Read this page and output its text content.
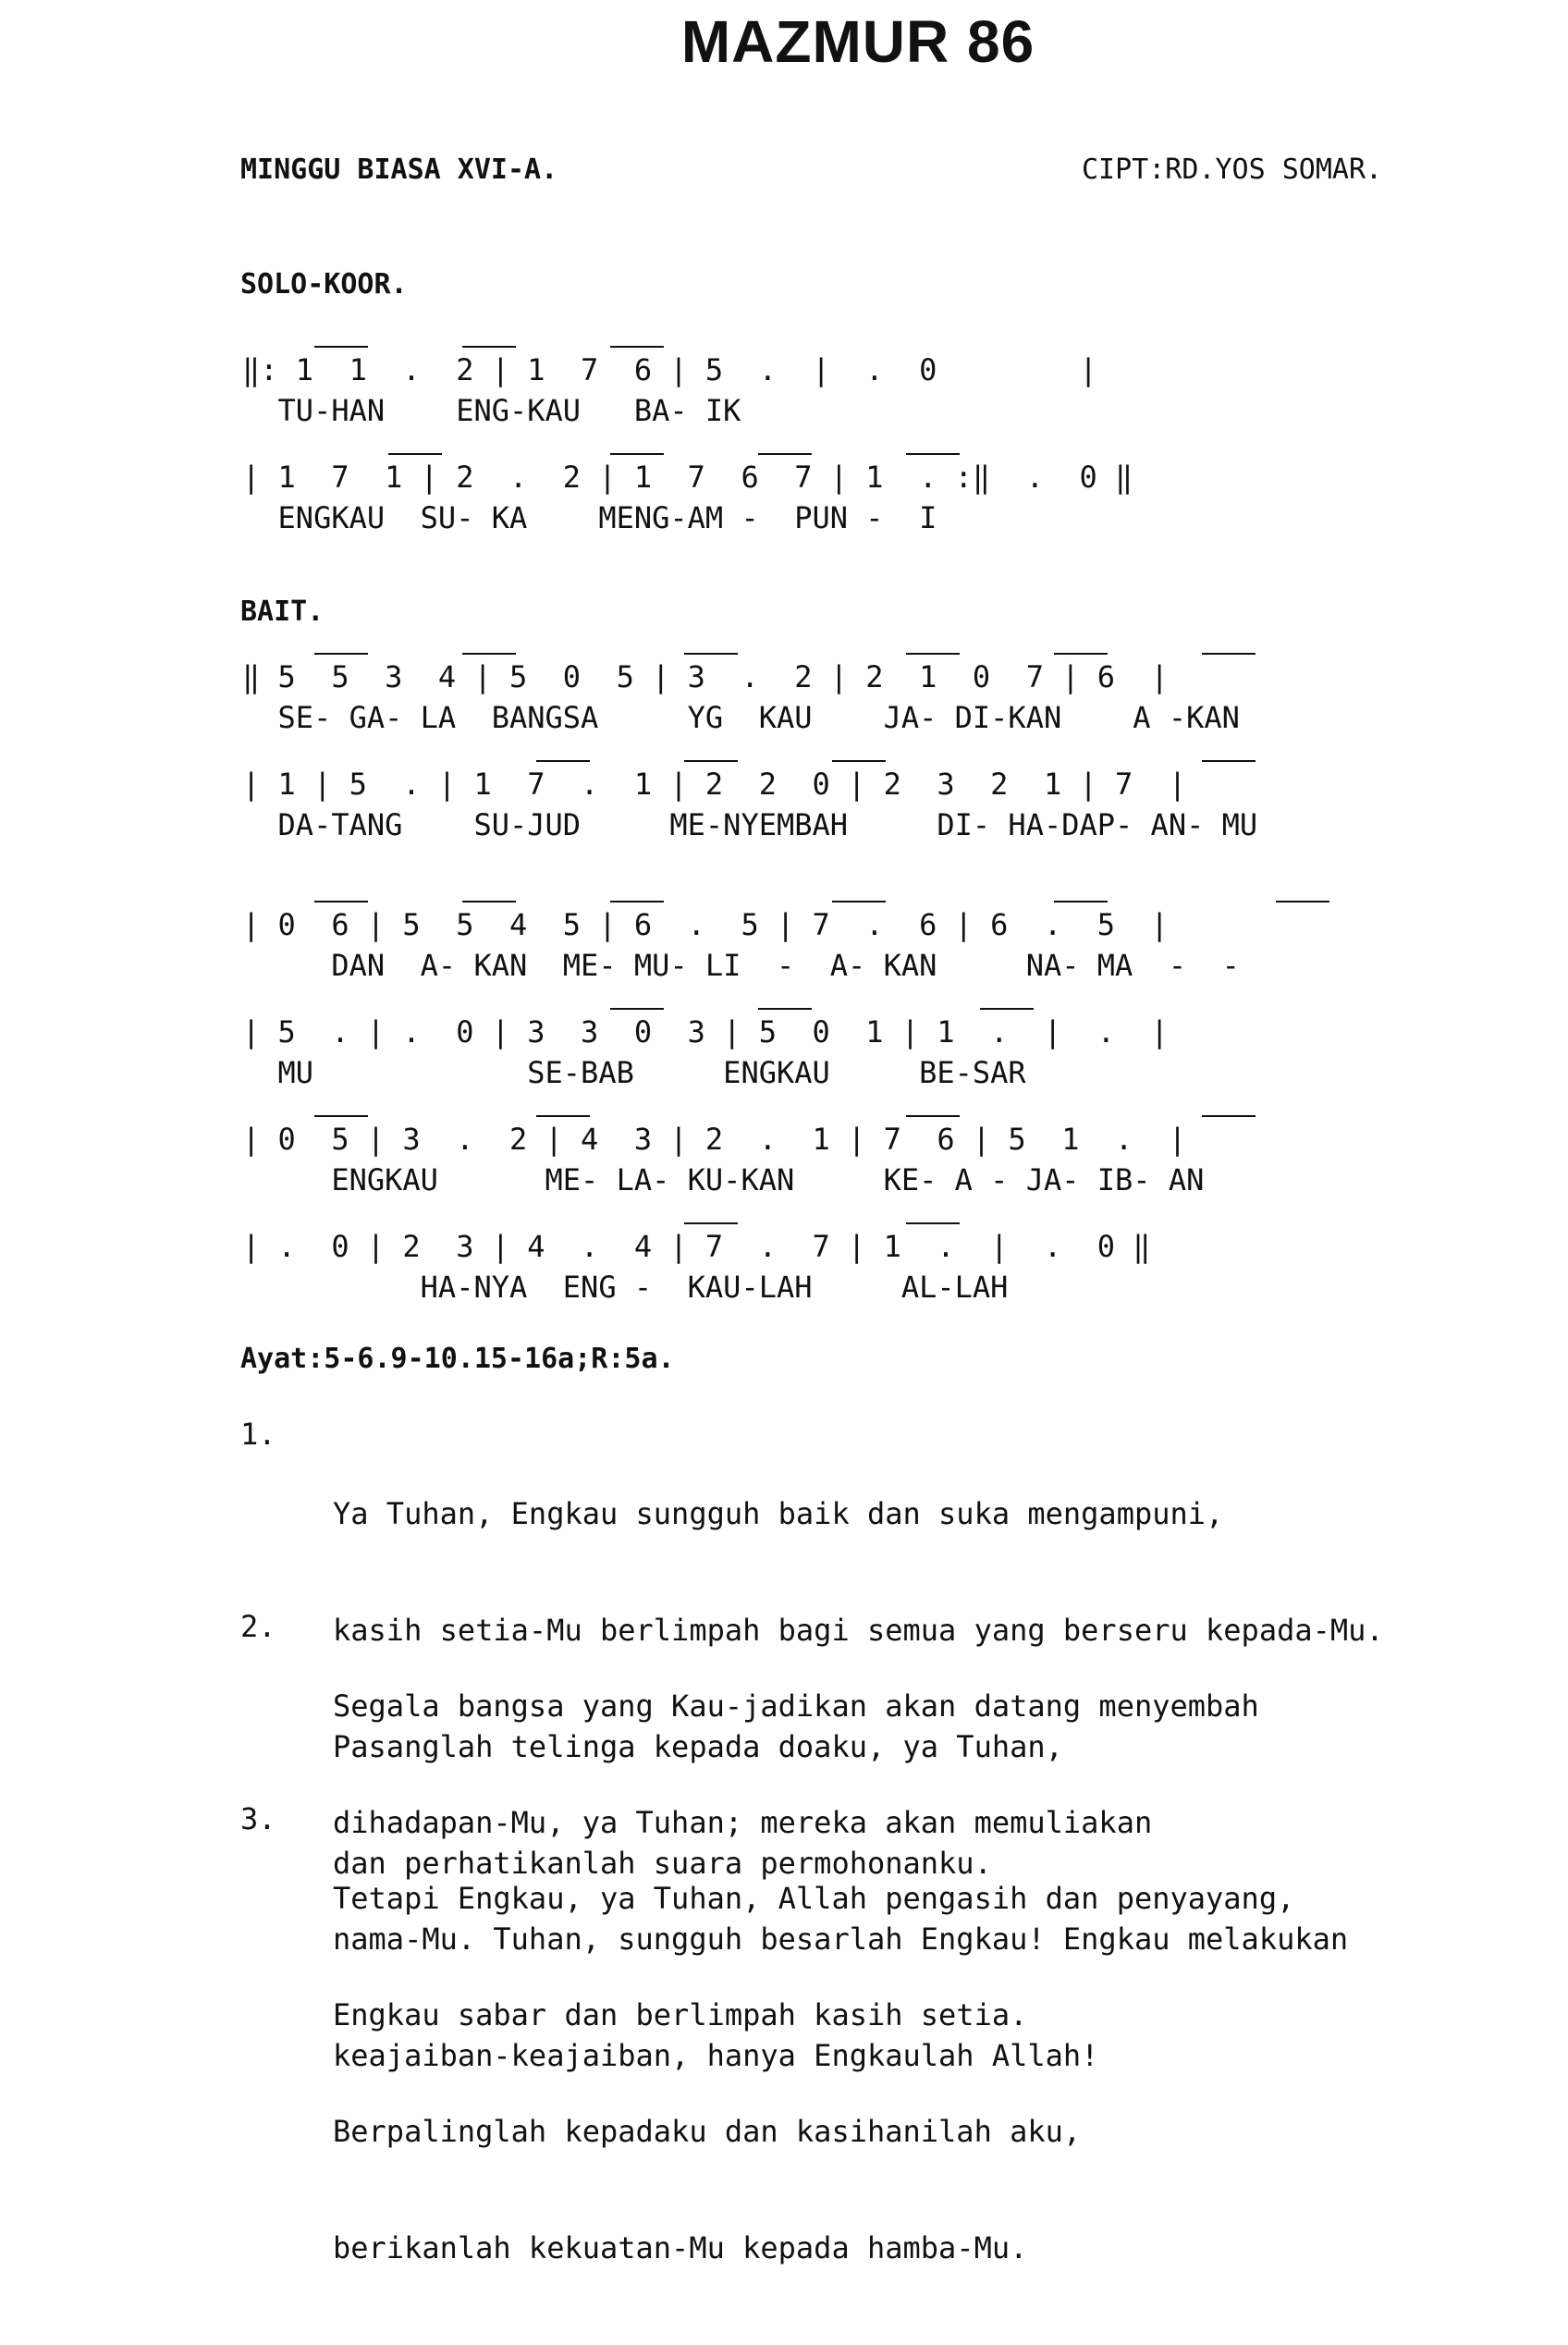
MAZMUR 86
MINGGU BIASA XVI-A.	CIPT:RD.YOS SOMAR.
SOLO-KOOR.
‖: 1  1  .  2 | 1  7  6 | 5  .  |  .  0        |
TU-HAN    ENG-KAU   BA- IK
| 1  7  1 | 2  .  2 | 1  7  6  7 | 1  . :‖  .  0 ‖
ENGKAU  SU- KA    MENG-AM -  PUN -  I
BAIT.
‖ 5  5  3  4 | 5  0  5 | 3  .  2 | 2  1  0  7 | 6  |
SE- GA- LA  BANGSA     YG  KAU    JA- DI-KAN    A -KAN
| 1 | 5  . | 1  7  .  1 | 2  2  0 | 2  3  2  1 | 7  |
DA-TANG    SU-JUD     ME-NYEMBAH     DI- HA-DAP- AN- MU
| 0  6 | 5  5  4  5 | 6  .  5 | 7  .  6 | 6  .  5  |
DAN  A- KAN  ME- MU- LI  -  A- KAN     NA- MA  -  -
| 5  . | .  0 | 3  3  0  3 | 5  0  1 | 1  .  |  .  |
MU            SE-BAB     ENGKAU     BE-SAR
| 0  5 | 3  .  2 | 4  3 | 2  .  1 | 7  6 | 5  1  .  |
ENGKAU      ME- LA- KU-KAN     KE- A - JA- IB- AN
| .  0 | 2  3 | 4  .  4 | 7  .  7 | 1  .  |  .  0 ‖
HA-NYA  ENG -  KAU-LAH     AL-LAH
Ayat:5-6.9-10.15-16a;R:5a.
1.

Ya Tuhan, Engkau sungguh baik dan suka mengampuni,

kasih setia-Mu berlimpah bagi semua yang berseru kepada-Mu.

Pasanglah telinga kepada doaku, ya Tuhan,

dan perhatikanlah suara permohonanku.

2.

Segala bangsa yang Kau-jadikan akan datang menyembah

dihadapan-Mu, ya Tuhan; mereka akan memuliakan

nama-Mu. Tuhan, sungguh besarlah Engkau! Engkau melakukan

keajaiban-keajaiban, hanya Engkaulah Allah!

3.

Tetapi Engkau, ya Tuhan, Allah pengasih dan penyayang,

Engkau sabar dan berlimpah kasih setia.

Berpalinglah kepadaku dan kasihanilah aku,

berikanlah kekuatan-Mu kepada hamba-Mu.
